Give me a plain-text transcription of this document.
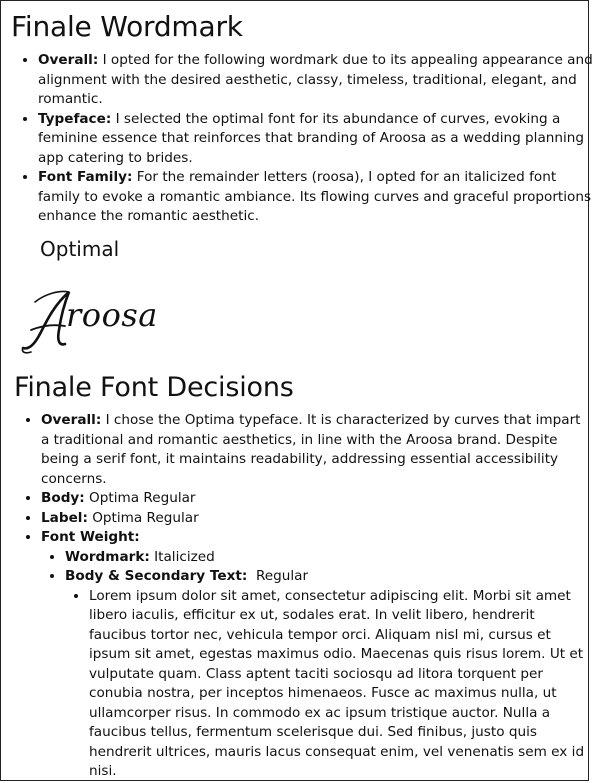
Finale Wordmark
• Overall: I opted for the following wordmark due to its appealing appearance and alignment with the desired aesthetic, classy, timeless, traditional, elegant, and romantic.
• Typeface: I selected the optimal font for its abundance of curves, evoking a feminine essence that reinforces that branding of Aroosa as a wedding planning app catering to brides.
• Font Family: For the remainder letters (roosa), I opted for an italicized font family to evoke a romantic ambiance. Its flowing curves and graceful proportions enhance the romantic aesthetic.
Optimal
roosa
Finale Font Decisions
• Overall: I chose the Optima typeface. It is characterized by curves that impart a traditional and romantic aesthetics, in line with the Aroosa brand. Despite being a serif font, it maintains readability, addressing essential accessibility concerns.
• Body: Optima Regular
• Label: Optima Regular
• Font Weight:
• Wordmark: Italicized
• Body & Secondary Text:  Regular
• Lorem ipsum dolor sit amet, consectetur adipiscing elit. Morbi sit amet libero iaculis, efficitur ex ut, sodales erat. In velit libero, hendrerit faucibus tortor nec, vehicula tempor orci. Aliquam nisl mi, cursus et ipsum sit amet, egestas maximus odio. Maecenas quis risus lorem. Ut et vulputate quam. Class aptent taciti sociosqu ad litora torquent per conubia nostra, per inceptos himenaeos. Fusce ac maximus nulla, ut ullamcorper risus. In commodo ex ac ipsum tristique auctor. Nulla a faucibus tellus, fermentum scelerisque dui. Sed finibus, justo quis hendrerit ultrices, mauris lacus consequat enim, vel venenatis sem ex id nisi.
